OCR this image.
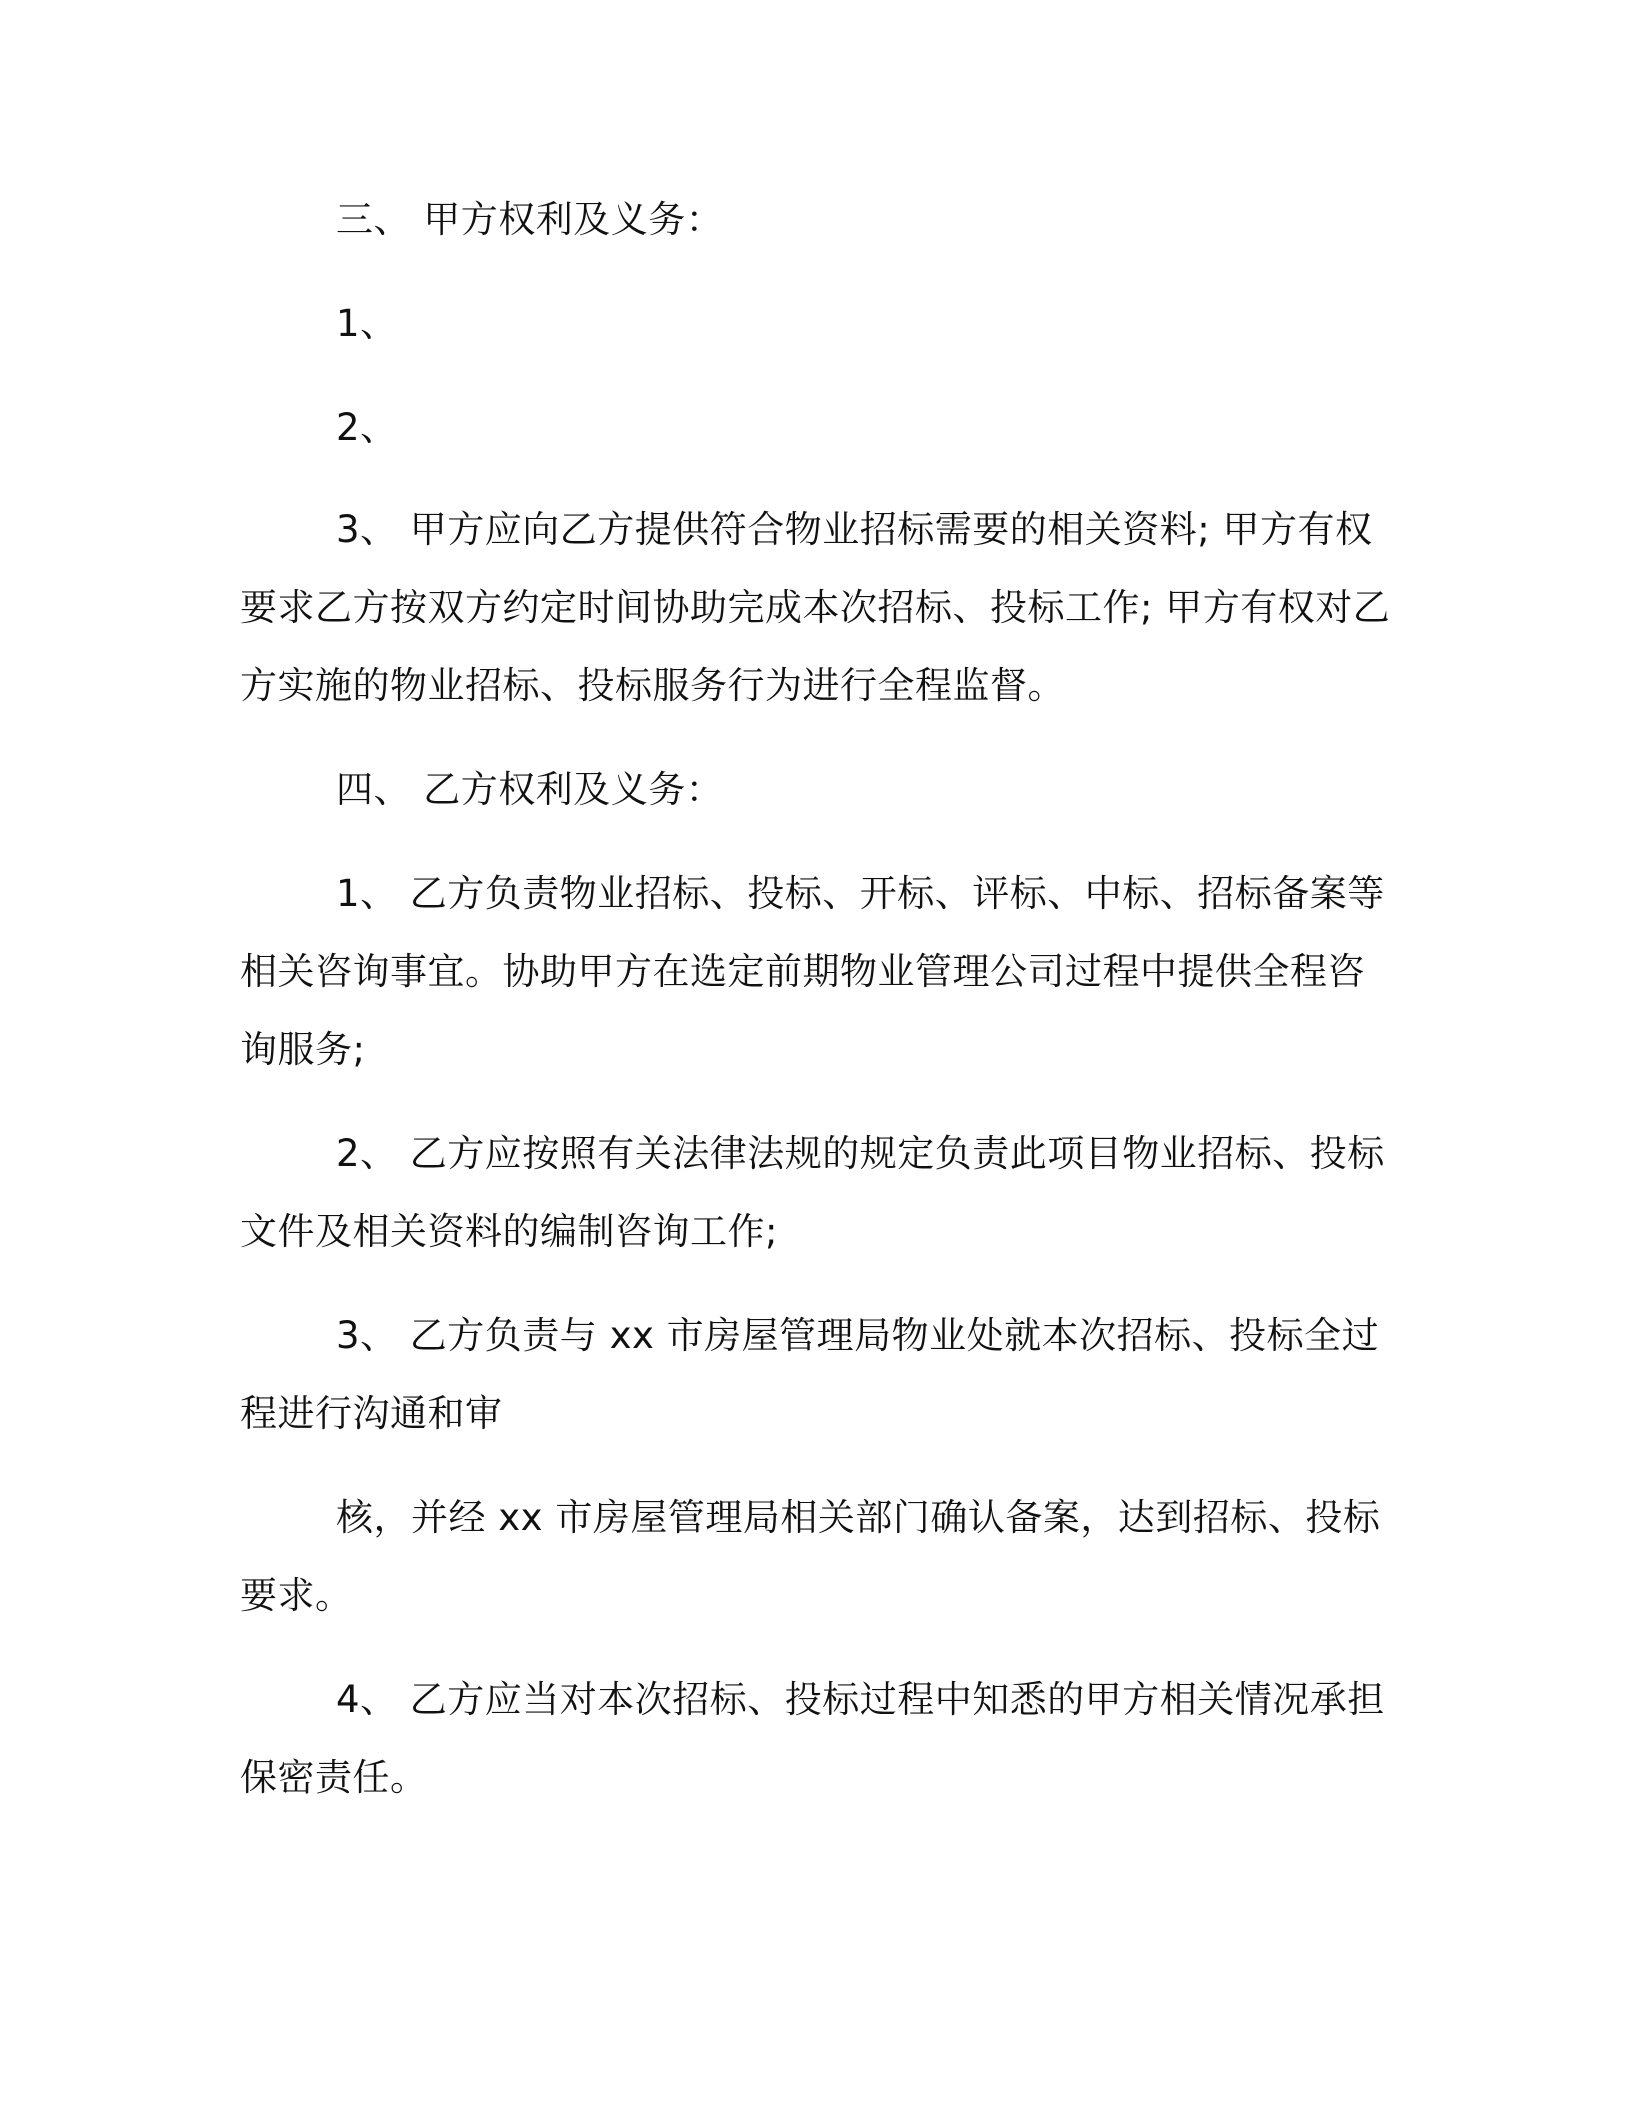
三、 甲方权利及义务：

1、

2、

3、 甲方应向乙方提供符合物业招标需要的相关资料; 甲方有权

要求乙方按双方约定时间协助完成本次招标、投标工作; 甲方有权对乙

方实施的物业招标、投标服务行为进行全程监督。

四、 乙方权利及义务：

1、 乙方负责物业招标、投标、开标、评标、中标、招标备案等

相关咨询事宜。协助甲方在选定前期物业管理公司过程中提供全程咨

询服务;

2、 乙方应按照有关法律法规的规定负责此项目物业招标、投标

文件及相关资料的编制咨询工作;

3、 乙方负责与 xx 市房屋管理局物业处就本次招标、投标全过

程进行沟通和审

核，并经 xx 市房屋管理局相关部门确认备案，达到招标、投标

要求。

4、 乙方应当对本次招标、投标过程中知悉的甲方相关情况承担

保密责任。
